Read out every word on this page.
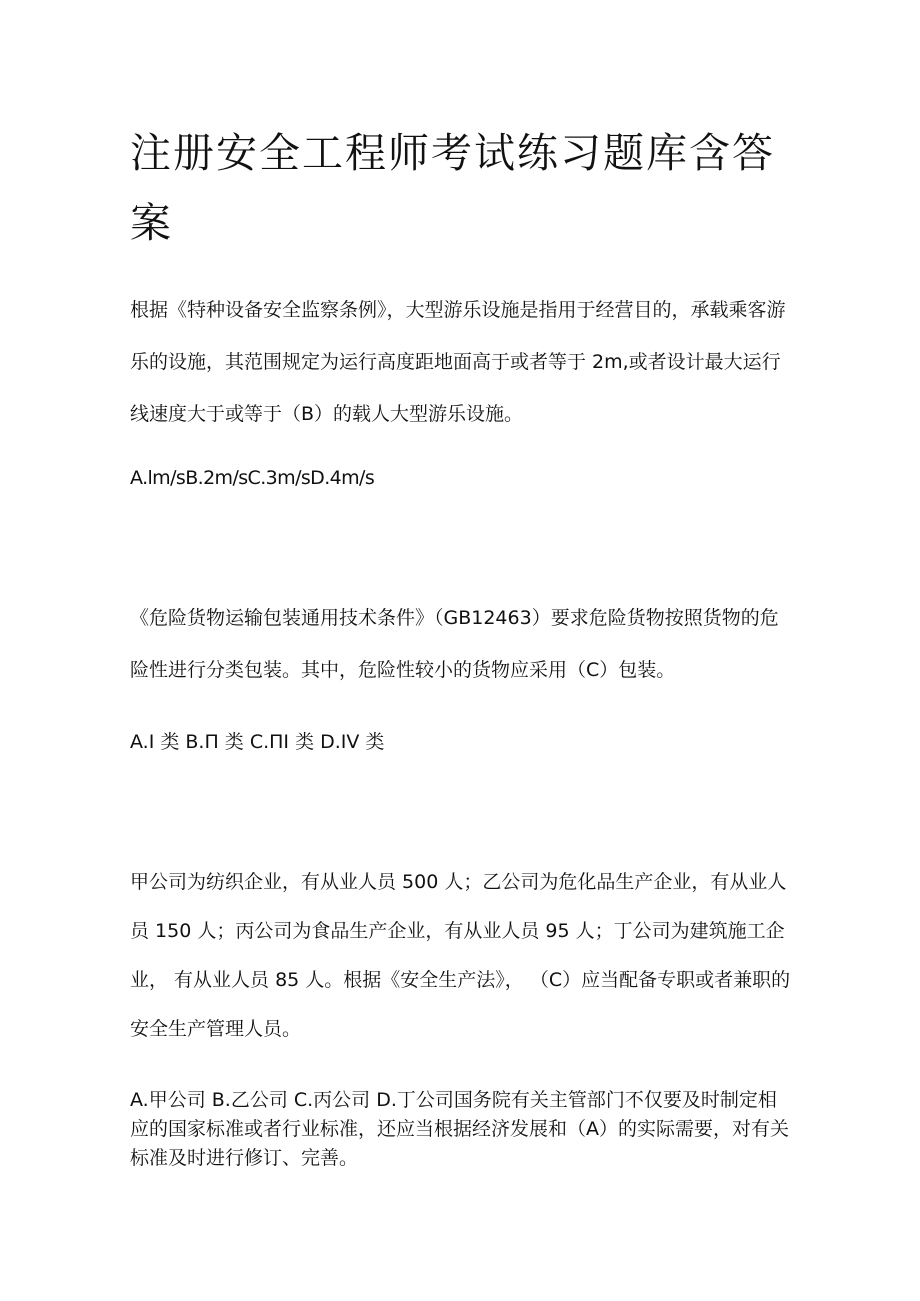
注册安全工程师考试练习题库含答案

根据《特种设备安全监察条例》，大型游乐设施是指用于经营目的，承载乘客游乐的设施，其范围规定为运行高度距地面高于或者等于 2m,或者设计最大运行线速度大于或等于（B）的载人大型游乐设施。

A.lm∕sB.2m∕sC.3m∕sD.4m∕s

《危险货物运输包装通用技术条件》（GB12463）要求危险货物按照货物的危险性进行分类包装。其中，危险性较小的货物应采用（C）包装。

A.I 类 B.Π 类 C.ΠI 类 D.IV 类

甲公司为纺织企业，有从业人员 500 人；乙公司为危化品生产企业，有从业人员 150 人；丙公司为食品生产企业，有从业人员 95 人；丁公司为建筑施工企业， 有从业人员 85 人。根据《安全生产法》， （C）应当配备专职或者兼职的安全生产管理人员。

A.甲公司 B.乙公司 C.丙公司 D.丁公司国务院有关主管部门不仅要及时制定相应的国家标准或者行业标准，还应当根据经济发展和（A）的实际需要，对有关标准及时进行修订、完善。
